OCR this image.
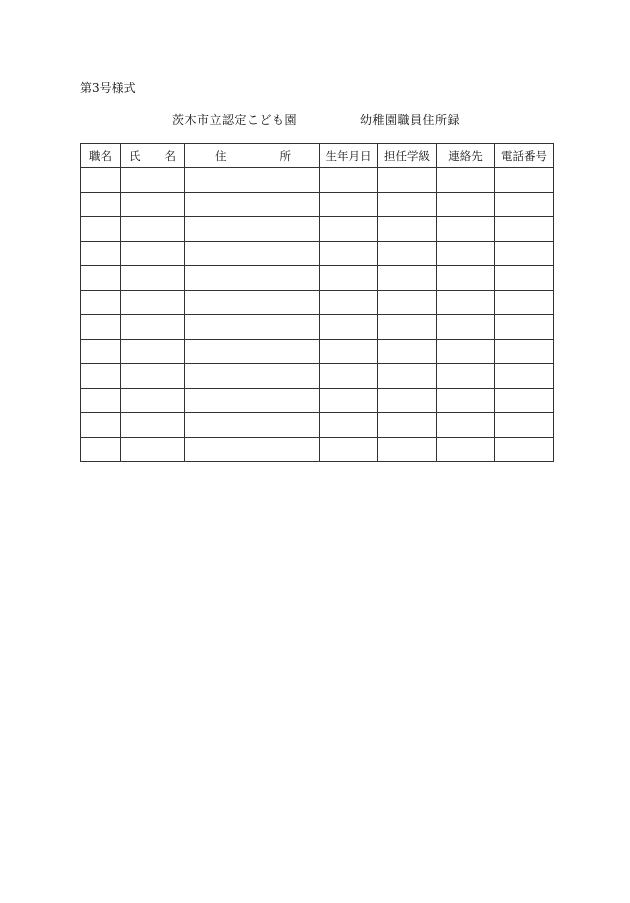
第3号様式
茨木市立認定こども園	幼稚園職員住所録
職名	氏 名	住 所	生年月日	担任学級	連絡先	電話番号
